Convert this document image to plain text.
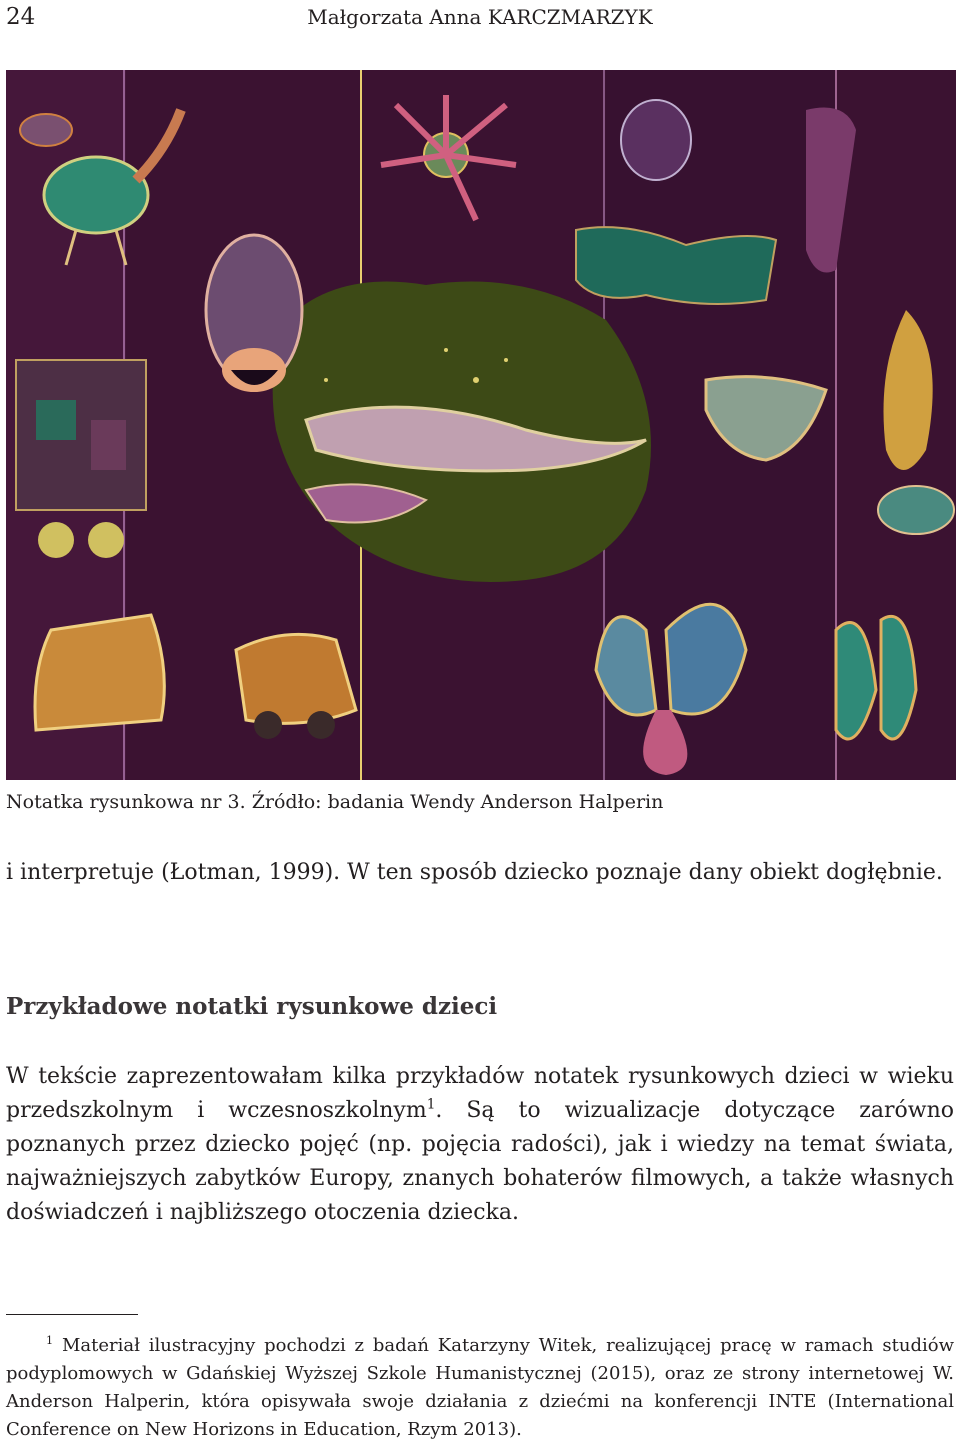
24	Małgorzata Anna KARCZMARZYK
Notatka rysunkowa nr 3. Źródło: badania Wendy Anderson Halperin

i interpretuje (Łotman, 1999). W ten sposób dziecko poznaje dany obiekt dogłębnie.

Przykładowe notatki rysunkowe dzieci

W tekście zaprezentowałam kilka przykładów notatek rysunkowych dzieci w wieku przedszkolnym i wczesnoszkolnym$^1$. Są to wizualizacje dotyczące zarówno poznanych przez dziecko pojęć (np. pojęcia radości), jak i wiedzy na temat świata, najważniejszych zabytków Europy, znanych bohaterów filmowych, a także własnych doświadczeń i najbliższego otoczenia dziecka.

$^1$ Materiał ilustracyjny pochodzi z badań Katarzyny Witek, realizującej pracę w ramach studiów podyplomowych w Gdańskiej Wyższej Szkole Humanistycznej (2015), oraz ze strony internetowej W. Anderson Halperin, która opisywała swoje działania z dziećmi na konferencji INTE (International Conference on New Horizons in Education, Rzym 2013).
